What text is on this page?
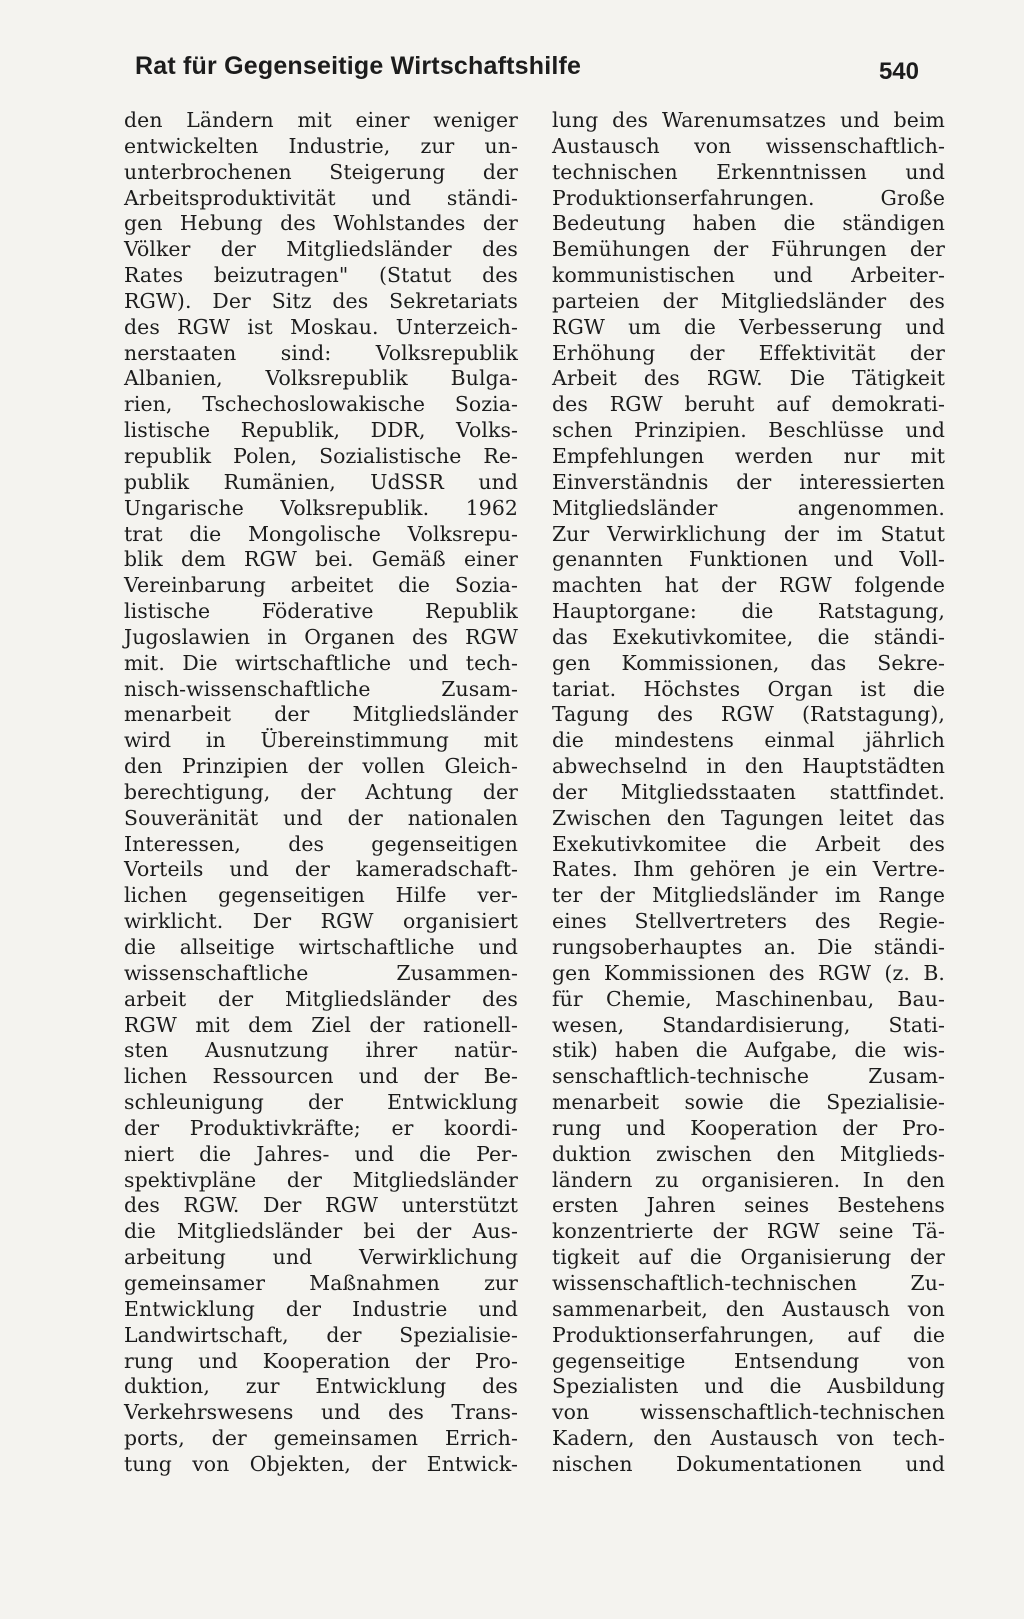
Rat für Gegenseitige Wirtschaftshilfe	540
den Ländern mit einer weniger
entwickelten Industrie, zur un-
unterbrochenen Steigerung der
Arbeitsproduktivität und ständi-
gen Hebung des Wohlstandes der
Völker der Mitgliedsländer des
Rates beizutragen" (Statut des
RGW). Der Sitz des Sekretariats
des RGW ist Moskau. Unterzeich-
nerstaaten sind: Volksrepublik
Albanien, Volksrepublik Bulga-
rien, Tschechoslowakische Sozia-
listische Republik, DDR, Volks-
republik Polen, Sozialistische Re-
publik Rumänien, UdSSR und
Ungarische Volksrepublik. 1962
trat die Mongolische Volksrepu-
blik dem RGW bei. Gemäß einer
Vereinbarung arbeitet die Sozia-
listische Föderative Republik
Jugoslawien in Organen des RGW
mit. Die wirtschaftliche und tech-
nisch-wissenschaftliche Zusam-
menarbeit der Mitgliedsländer
wird in Übereinstimmung mit
den Prinzipien der vollen Gleich-
berechtigung, der Achtung der
Souveränität und der nationalen
Interessen, des gegenseitigen
Vorteils und der kameradschaft-
lichen gegenseitigen Hilfe ver-
wirklicht. Der RGW organisiert
die allseitige wirtschaftliche und
wissenschaftliche Zusammen-
arbeit der Mitgliedsländer des
RGW mit dem Ziel der rationell-
sten Ausnutzung ihrer natür-
lichen Ressourcen und der Be-
schleunigung der Entwicklung
der Produktivkräfte; er koordi-
niert die Jahres- und die Per-
spektivpläne der Mitgliedsländer
des RGW. Der RGW unterstützt
die Mitgliedsländer bei der Aus-
arbeitung und Verwirklichung
gemeinsamer Maßnahmen zur
Entwicklung der Industrie und
Landwirtschaft, der Spezialisie-
rung und Kooperation der Pro-
duktion, zur Entwicklung des
Verkehrswesens und des Trans-
ports, der gemeinsamen Errich-
tung von Objekten, der Entwick-
lung des Warenumsatzes und beim
Austausch von wissenschaftlich-
technischen Erkenntnissen und
Produktionserfahrungen. Große
Bedeutung haben die ständigen
Bemühungen der Führungen der
kommunistischen und Arbeiter-
parteien der Mitgliedsländer des
RGW um die Verbesserung und
Erhöhung der Effektivität der
Arbeit des RGW. Die Tätigkeit
des RGW beruht auf demokrati-
schen Prinzipien. Beschlüsse und
Empfehlungen werden nur mit
Einverständnis der interessierten
Mitgliedsländer angenommen.
Zur Verwirklichung der im Statut
genannten Funktionen und Voll-
machten hat der RGW folgende
Hauptorgane: die Ratstagung,
das Exekutivkomitee, die ständi-
gen Kommissionen, das Sekre-
tariat. Höchstes Organ ist die
Tagung des RGW (Ratstagung),
die mindestens einmal jährlich
abwechselnd in den Hauptstädten
der Mitgliedsstaaten stattfindet.
Zwischen den Tagungen leitet das
Exekutivkomitee die Arbeit des
Rates. Ihm gehören je ein Vertre-
ter der Mitgliedsländer im Range
eines Stellvertreters des Regie-
rungsoberhauptes an. Die ständi-
gen Kommissionen des RGW (z. B.
für Chemie, Maschinenbau, Bau-
wesen, Standardisierung, Stati-
stik) haben die Aufgabe, die wis-
senschaftlich-technische Zusam-
menarbeit sowie die Spezialisie-
rung und Kooperation der Pro-
duktion zwischen den Mitglieds-
ländern zu organisieren. In den
ersten Jahren seines Bestehens
konzentrierte der RGW seine Tä-
tigkeit auf die Organisierung der
wissenschaftlich-technischen Zu-
sammenarbeit, den Austausch von
Produktionserfahrungen, auf die
gegenseitige Entsendung von
Spezialisten und die Ausbildung
von wissenschaftlich-technischen
Kadern, den Austausch von tech-
nischen Dokumentationen und
